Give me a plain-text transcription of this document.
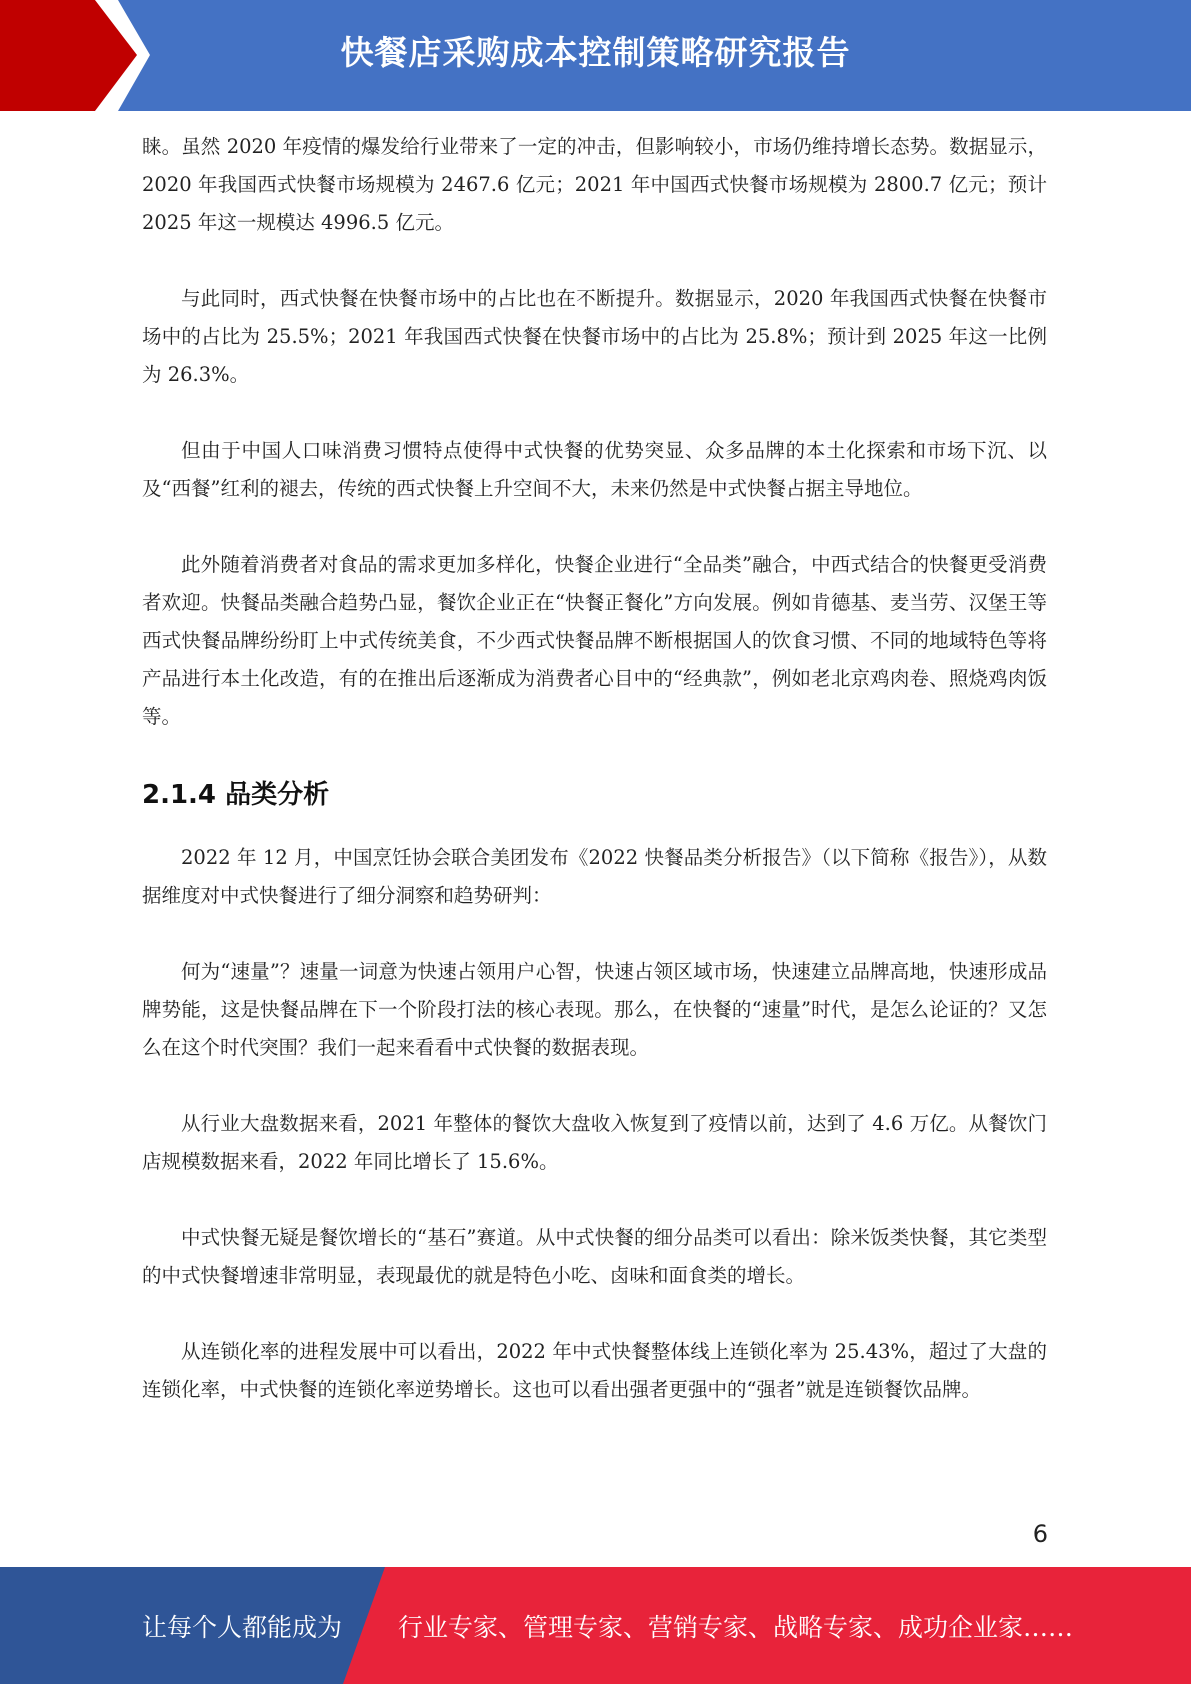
快餐店采购成本控制策略研究报告

睐。虽然 2020 年疫情的爆发给行业带来了一定的冲击，但影响较小，市场仍维持增长态势。数据显示，2020 年我国西式快餐市场规模为 2467.6 亿元；2021 年中国西式快餐市场规模为 2800.7 亿元；预计 2025 年这一规模达 4996.5 亿元。

与此同时，西式快餐在快餐市场中的占比也在不断提升。数据显示，2020 年我国西式快餐在快餐市场中的占比为 25.5%；2021 年我国西式快餐在快餐市场中的占比为 25.8%；预计到 2025 年这一比例为 26.3%。

但由于中国人口味消费习惯特点使得中式快餐的优势突显、众多品牌的本土化探索和市场下沉、以及“西餐”红利的褪去，传统的西式快餐上升空间不大，未来仍然是中式快餐占据主导地位。

此外随着消费者对食品的需求更加多样化，快餐企业进行“全品类”融合，中西式结合的快餐更受消费者欢迎。快餐品类融合趋势凸显，餐饮企业正在“快餐正餐化”方向发展。例如肯德基、麦当劳、汉堡王等西式快餐品牌纷纷盯上中式传统美食，不少西式快餐品牌不断根据国人的饮食习惯、不同的地域特色等将产品进行本土化改造，有的在推出后逐渐成为消费者心目中的“经典款”，例如老北京鸡肉卷、照烧鸡肉饭等。

2.1.4 品类分析

2022 年 12 月，中国烹饪协会联合美团发布《2022 快餐品类分析报告》（以下简称《报告》），从数据维度对中式快餐进行了细分洞察和趋势研判：

何为“速量”？速量一词意为快速占领用户心智，快速占领区域市场，快速建立品牌高地，快速形成品牌势能，这是快餐品牌在下一个阶段打法的核心表现。那么，在快餐的“速量”时代，是怎么论证的？又怎么在这个时代突围？我们一起来看看中式快餐的数据表现。

从行业大盘数据来看，2021 年整体的餐饮大盘收入恢复到了疫情以前，达到了 4.6 万亿。从餐饮门店规模数据来看，2022 年同比增长了 15.6%。

中式快餐无疑是餐饮增长的“基石”赛道。从中式快餐的细分品类可以看出：除米饭类快餐，其它类型的中式快餐增速非常明显，表现最优的就是特色小吃、卤味和面食类的增长。

从连锁化率的进程发展中可以看出，2022 年中式快餐整体线上连锁化率为 25.43%，超过了大盘的连锁化率，中式快餐的连锁化率逆势增长。这也可以看出强者更强中的“强者”就是连锁餐饮品牌。

6
让每个人都能成为 行业专家、管理专家、营销专家、战略专家、成功企业家……
